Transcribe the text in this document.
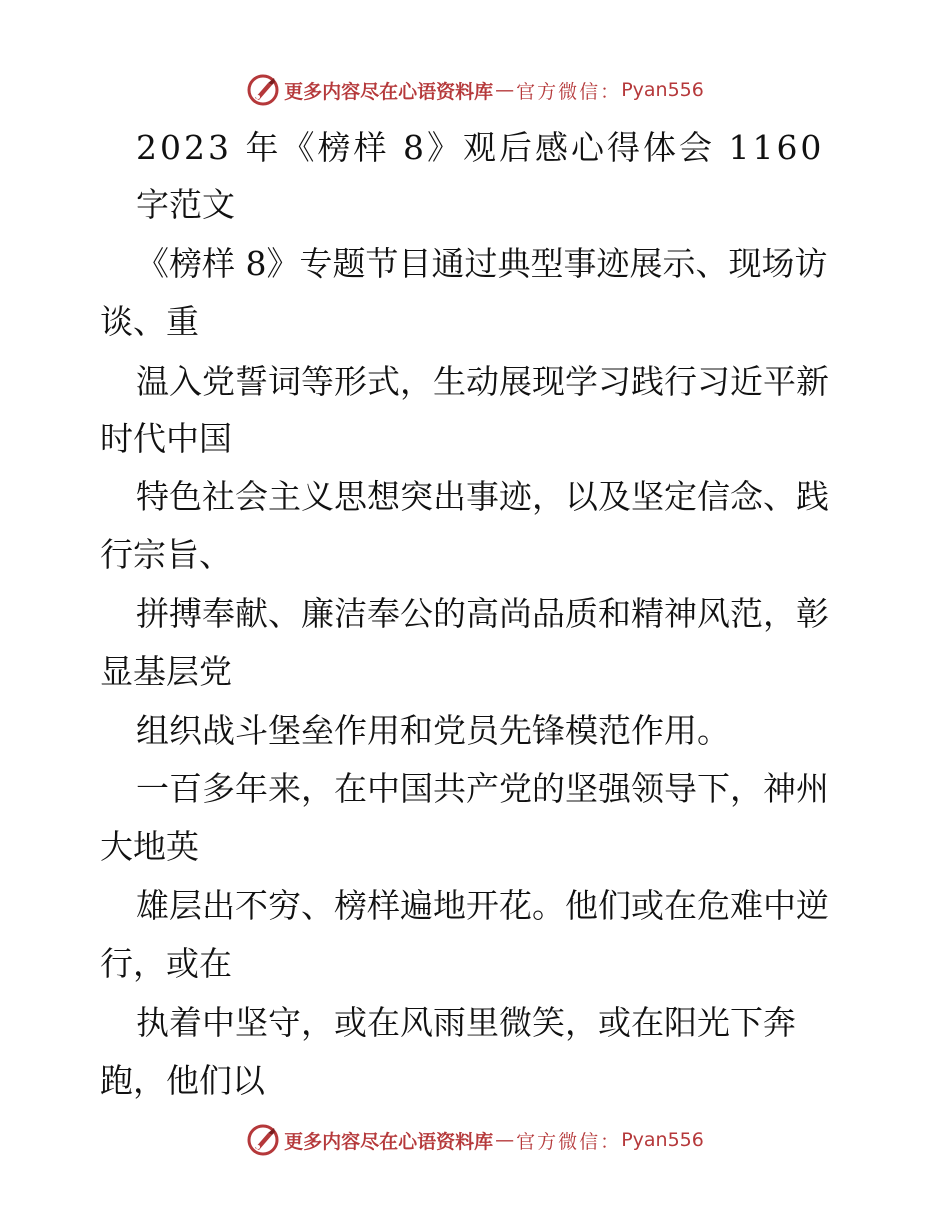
更多内容尽在心语资料库 — 官方微信： Pyan556
2023 年《榜样 8》观后感心得体会 1160
字范文
《榜样 8》专题节目通过典型事迹展示、现场访
谈、重
温入党誓词等形式，生动展现学习践行习近平新
时代中国
特色社会主义思想突出事迹，以及坚定信念、践
行宗旨、
拼搏奉献、廉洁奉公的高尚品质和精神风范，彰
显基层党
组织战斗堡垒作用和党员先锋模范作用。
一百多年来，在中国共产党的坚强领导下，神州
大地英
雄层出不穷、榜样遍地开花。他们或在危难中逆
行，或在
执着中坚守，或在风雨里微笑，或在阳光下奔
跑，他们以
更多内容尽在心语资料库 — 官方微信： Pyan556
